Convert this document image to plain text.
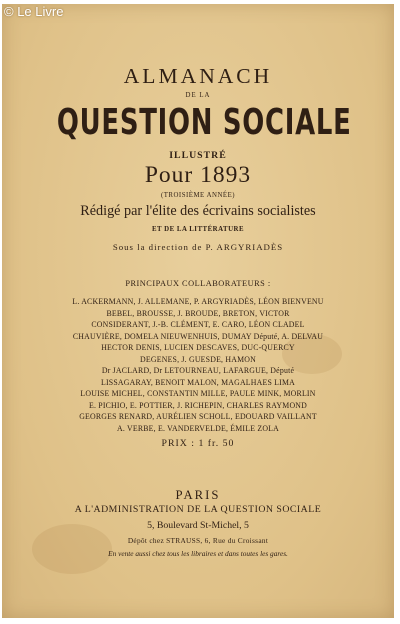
ALMANACH
DE LA
QUESTION SOCIALE
ILLUSTRÉ
Pour 1893
(TROISIÈME ANNÉE)
Rédigé par l'élite des écrivains socialistes
ET DE LA LITTÉRATURE
Sous la direction de P. ARGYRIADÈS
PRINCIPAUX COLLABORATEURS :
L. ACKERMANN, J. ALLEMANE, P. ARGYRIADÈS, LÉON BIENVENU
BEBEL, BROUSSE, J. BROUDE, BRETON, VICTOR
CONSIDERANT, J.-B. CLÉMENT, E. CARO, LÉON CLADEL
CHAUVIÈRE, DOMELA NIEUWENHUIS, DUMAY Député, A. DELVAU
HECTOR DENIS, LUCIEN DESCAVES, DUC-QUERCY
DEGENES, J. GUESDE, HAMON
Dr JACLARD, Dr LETOURNEAU, LAFARGUE, Député
LISSAGARAY, BENOIT MALON, MAGALHAES LIMA
LOUISE MICHEL, CONSTANTIN MILLE, PAULE MINK, MORLIN
E. PICHIO, E. POTTIER, J. RICHEPIN, CHARLES RAYMOND
GEORGES RENARD, AURÉLIEN SCHOLL, EDOUARD VAILLANT
A. VERBE, E. VANDERVELDE, ÉMILE ZOLA
PRIX : 1 fr. 50
PARIS
A L'ADMINISTRATION DE LA QUESTION SOCIALE
5, Boulevard St-Michel, 5
Dépôt chez STRAUSS, 6, Rue du Croissant
En vente aussi chez tous les libraires et dans toutes les gares.
© Le Livre
